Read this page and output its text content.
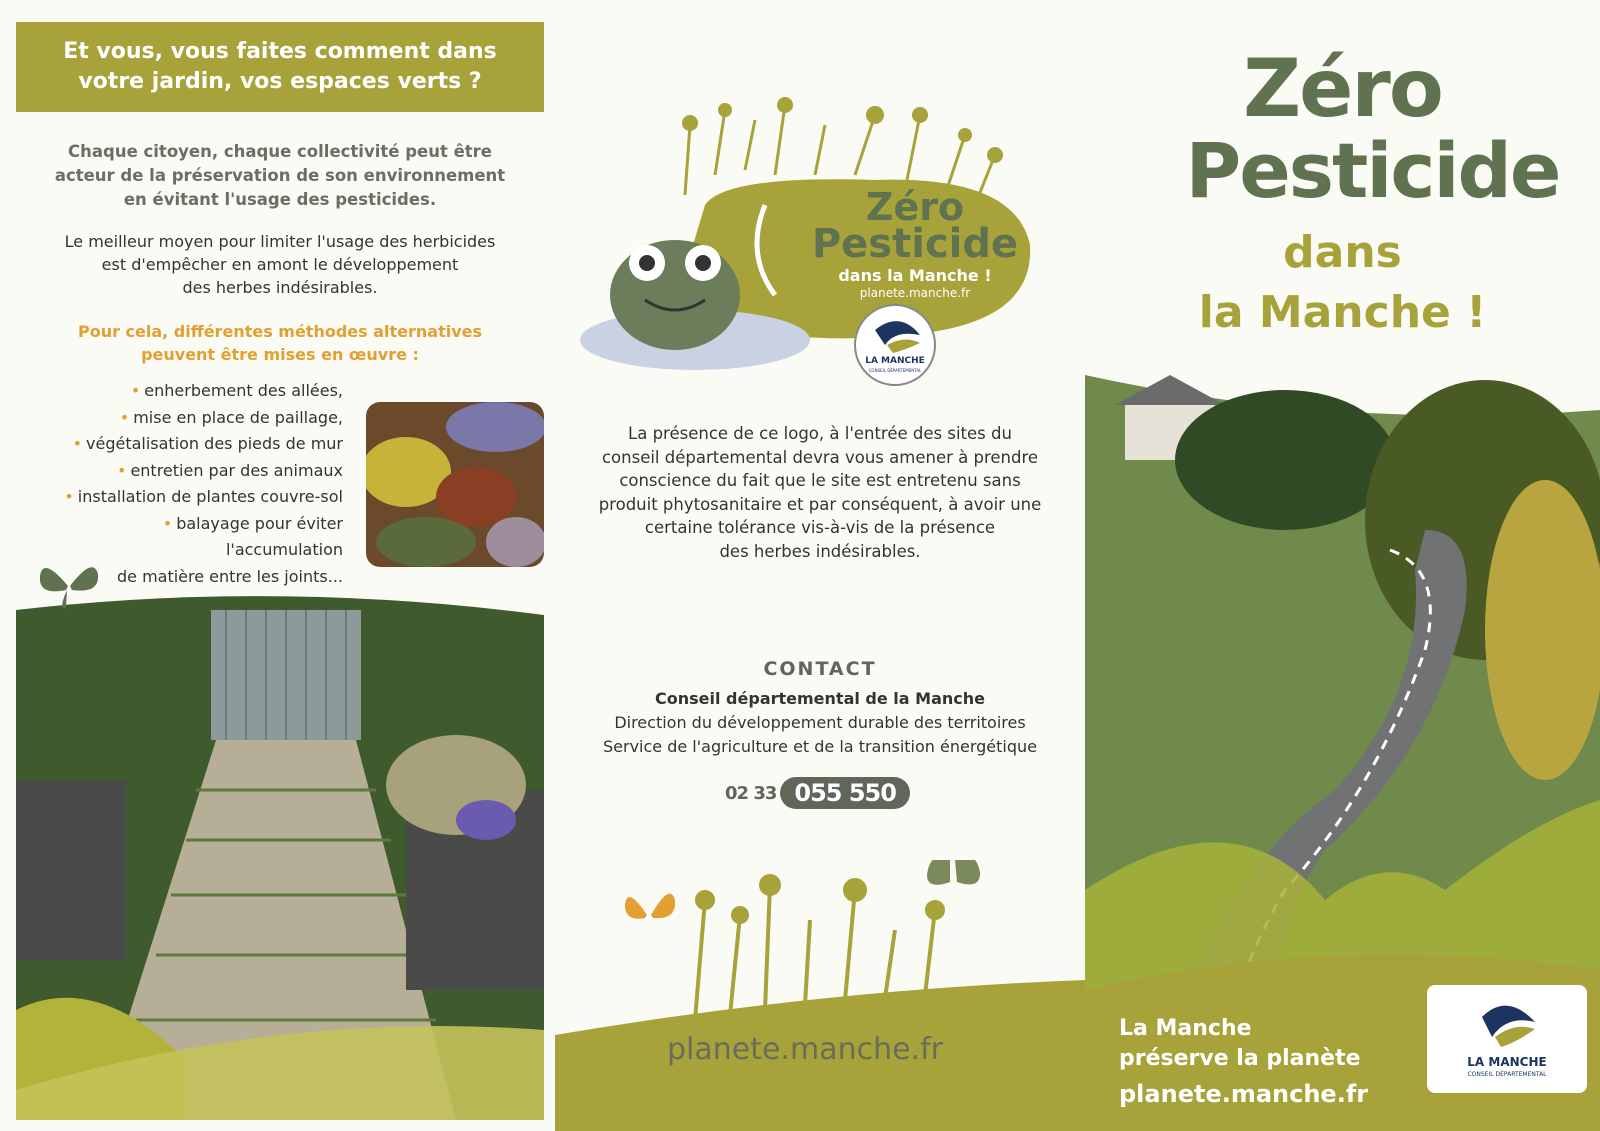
Et vous, vous faites comment dans
votre jardin, vos espaces verts ?
Chaque citoyen, chaque collectivité peut être
acteur de la préservation de son environnement
en évitant l'usage des pesticides.
Le meilleur moyen pour limiter l'usage des herbicides
est d'empêcher en amont le développement
des herbes indésirables.
Pour cela, différentes méthodes alternatives
peuvent être mises en œuvre :
• enherbement des allées,
• mise en place de paillage,
• végétalisation des pieds de mur
• entretien par des animaux
• installation de plantes couvre-sol
• balayage pour éviter
l'accumulation
de matière entre les joints...
Zéro
Pesticide
dans la Manche !
planete.manche.fr
LA MANCHE
CONSEIL DÉPARTEMENTAL
La présence de ce logo, à l'entrée des sites du
conseil départemental devra vous amener à prendre
conscience du fait que le site est entretenu sans
produit phytosanitaire et par conséquent, à avoir une
certaine tolérance vis-à-vis de la présence
des herbes indésirables.
CONTACT
Conseil départemental de la Manche
Direction du développement durable des territoires
Service de l'agriculture et de la transition énergétique
02 33 055 550
planete.manche.fr
Zéro
Pesticide
dans
la Manche !
La Manche
préserve la planète
planete.manche.fr
LA MANCHE
CONSEIL DÉPARTEMENTAL
